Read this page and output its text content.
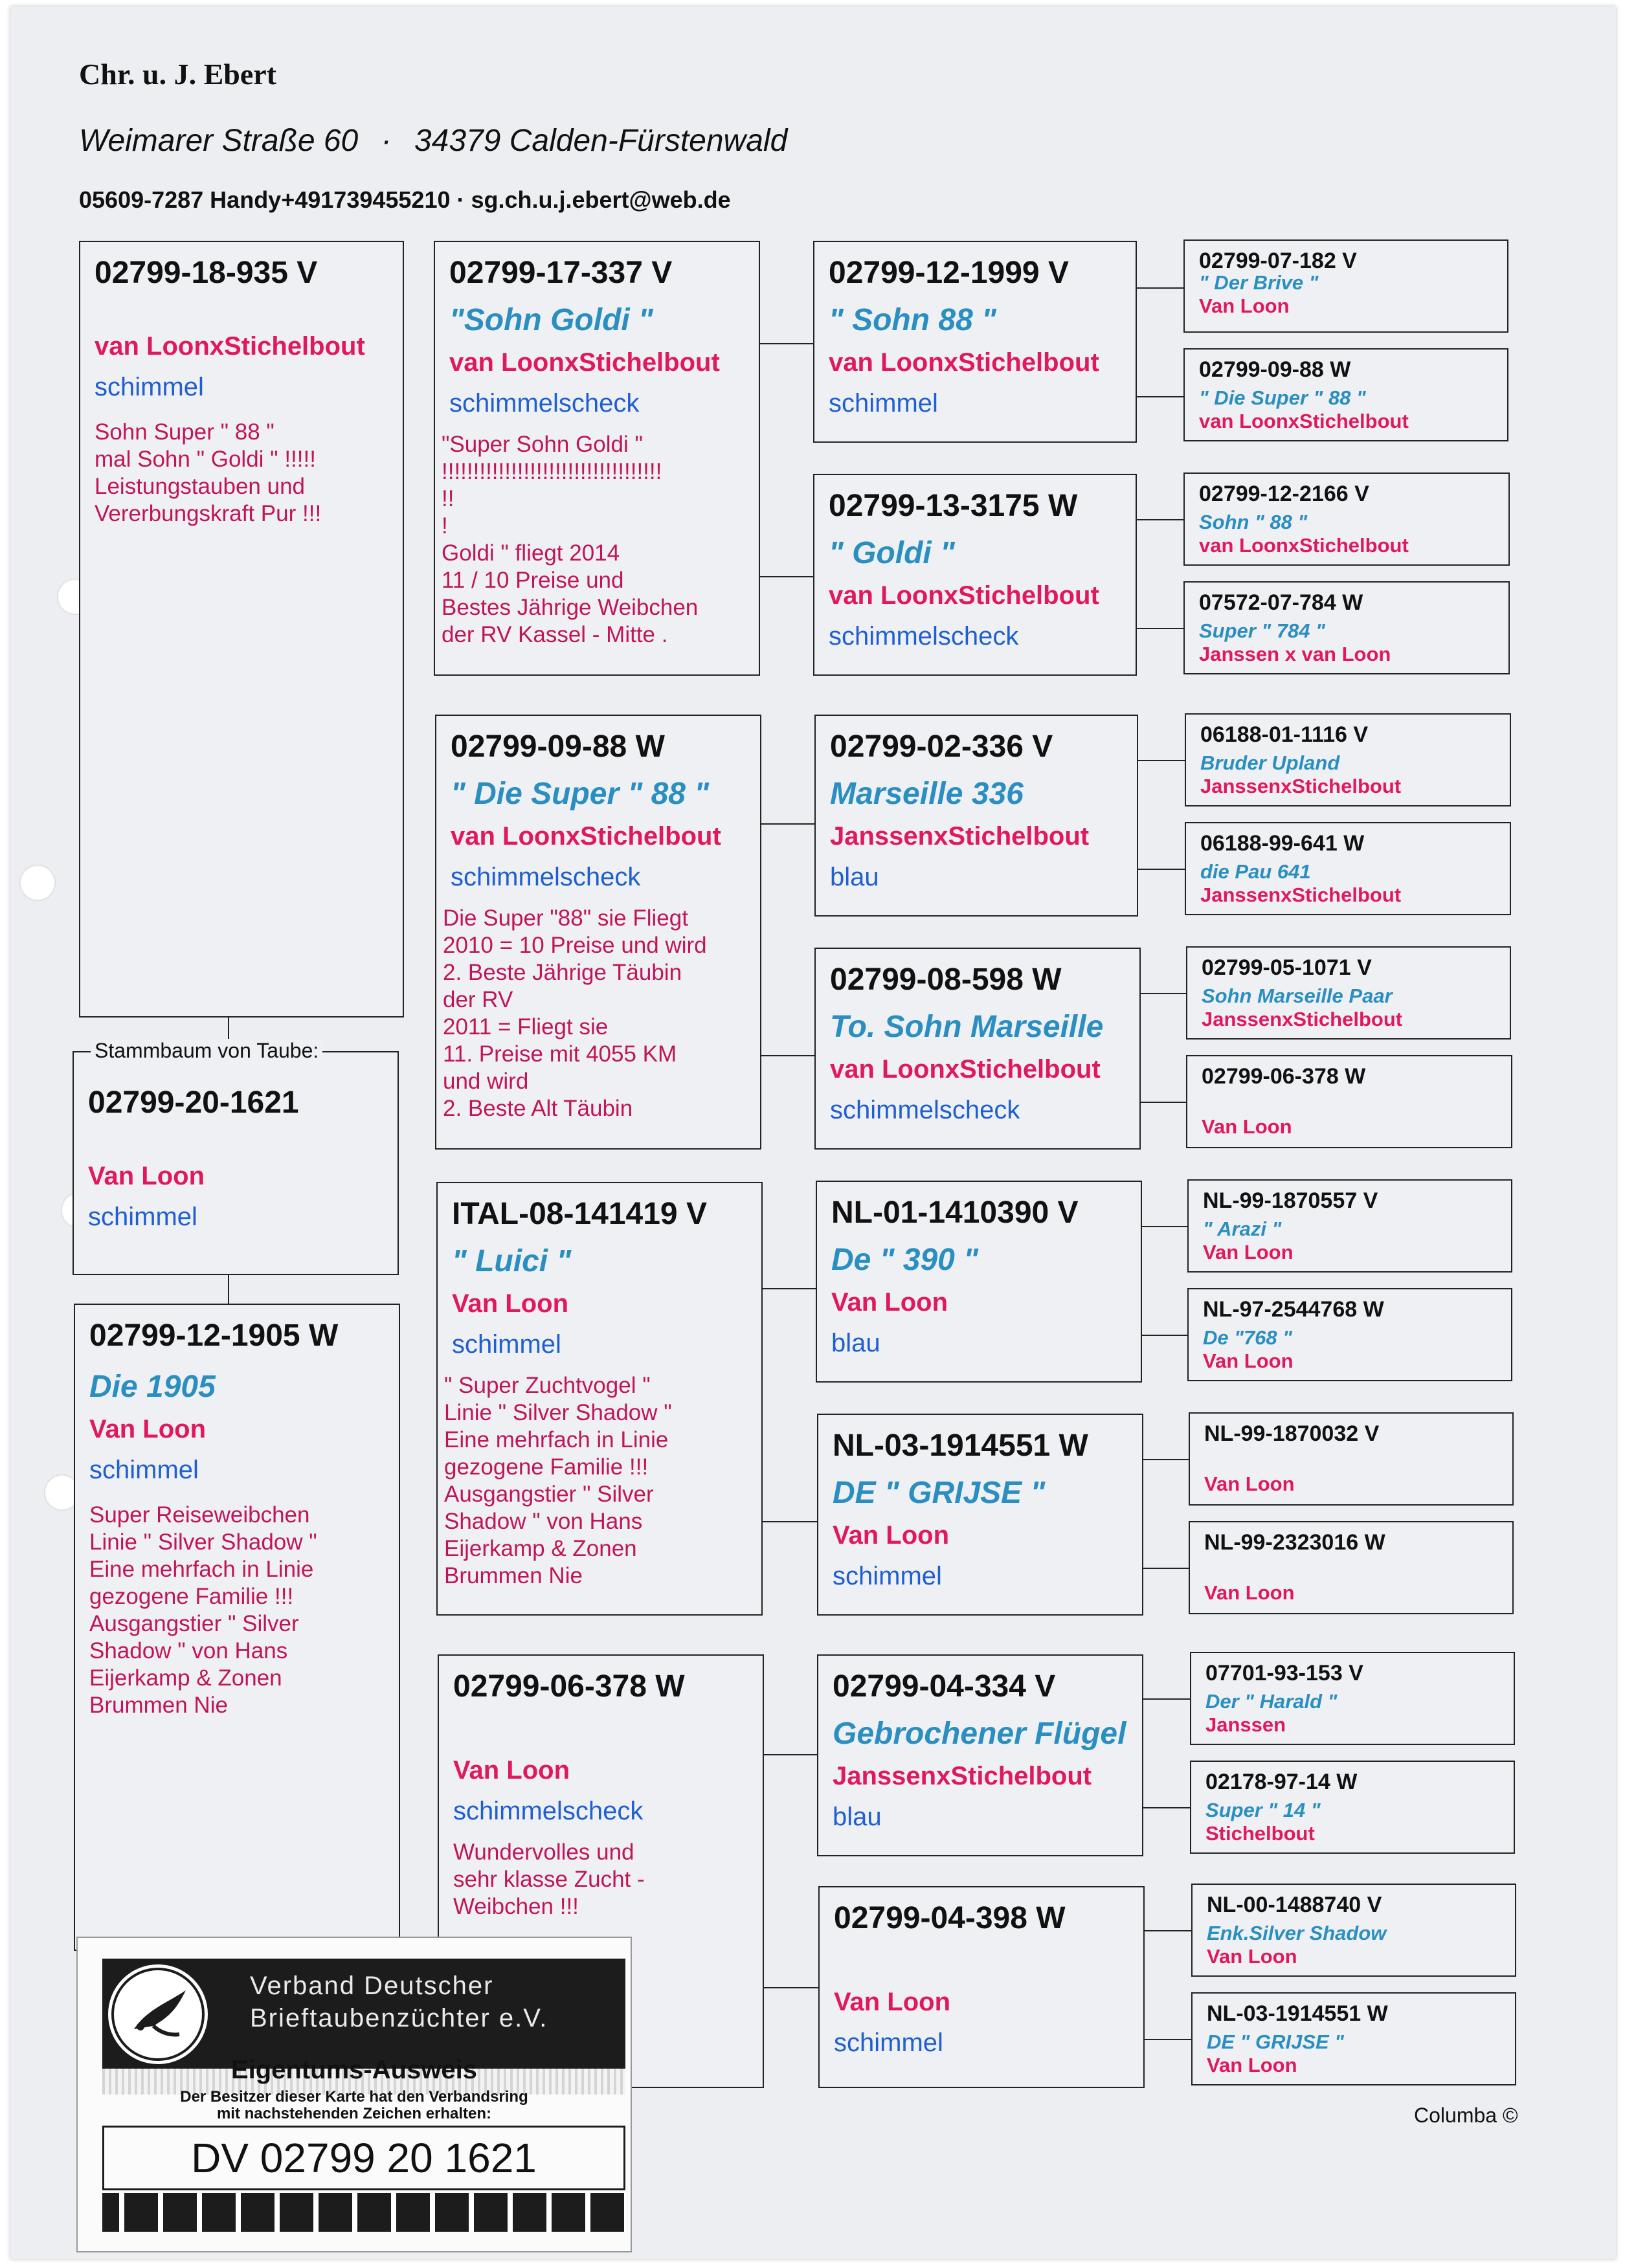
Chr. u. J. Ebert
Weimarer Straße 60 · 34379 Calden-Fürstenwald
05609-7287 Handy+491739455210 · sg.ch.u.j.ebert@web.de
02799-18-935 V
van LoonxStichelbout
schimmel
Sohn Super " 88 "
mal Sohn " Goldi " !!!!!
Leistungstauben und
Vererbungskraft Pur !!!
02799-20-1621
Van Loon
schimmel
Stammbaum von Taube:
02799-12-1905 W
Die 1905
Van Loon
schimmel
Super Reiseweibchen
Linie " Silver Shadow "
Eine mehrfach in Linie
gezogene Familie !!!
Ausgangstier " Silver
Shadow " von Hans
Eijerkamp & Zonen
Brummen Nie
02799-17-337 V
"Sohn Goldi "
van LoonxStichelbout
schimmelscheck
"Super Sohn Goldi "
!!!!!!!!!!!!!!!!!!!!!!!!!!!!!!!!!!!
!!
!
Goldi " fliegt 2014
11 / 10 Preise und
Bestes Jährige Weibchen
der RV Kassel - Mitte .
02799-09-88 W
" Die Super " 88 "
van LoonxStichelbout
schimmelscheck
Die Super "88" sie Fliegt
2010 = 10 Preise und wird
2. Beste Jährige Täubin
der RV
2011 = Fliegt sie
11. Preise mit 4055 KM
und wird
2. Beste Alt Täubin
ITAL-08-141419 V
" Luici "
Van Loon
schimmel
" Super Zuchtvogel "
Linie " Silver Shadow "
Eine mehrfach in Linie
gezogene Familie !!!
Ausgangstier " Silver
Shadow " von Hans
Eijerkamp & Zonen
Brummen Nie
02799-06-378 W
Van Loon
schimmelscheck
Wundervolles und
sehr klasse Zucht -
Weibchen !!!
02799-12-1999 V
" Sohn 88 "
van LoonxStichelbout
schimmel
02799-13-3175 W
" Goldi "
van LoonxStichelbout
schimmelscheck
02799-02-336 V
Marseille 336
JanssenxStichelbout
blau
02799-08-598 W
To. Sohn Marseille
van LoonxStichelbout
schimmelscheck
NL-01-1410390 V
De " 390 "
Van Loon
blau
NL-03-1914551 W
DE " GRIJSE "
Van Loon
schimmel
02799-04-334 V
Gebrochener Flügel
JanssenxStichelbout
blau
02799-04-398 W
Van Loon
schimmel
02799-07-182 V
" Der Brive "
Van Loon
02799-09-88 W
" Die Super " 88 "
van LoonxStichelbout
02799-12-2166 V
Sohn " 88 "
van LoonxStichelbout
07572-07-784 W
Super " 784 "
Janssen x van Loon
06188-01-1116 V
Bruder Upland
JanssenxStichelbout
06188-99-641 W
die Pau 641
JanssenxStichelbout
02799-05-1071 V
Sohn Marseille Paar
JanssenxStichelbout
02799-06-378 W
Van Loon
NL-99-1870557 V
" Arazi "
Van Loon
NL-97-2544768 W
De "768 "
Van Loon
NL-99-1870032 V
Van Loon
NL-99-2323016 W
Van Loon
07701-93-153 V
Der " Harald "
Janssen
02178-97-14 W
Super " 14 "
Stichelbout
NL-00-1488740 V
Enk.Silver Shadow
Van Loon
NL-03-1914551 W
DE " GRIJSE "
Van Loon
Columba ©
Verband Deutscher
Brieftaubenzüchter e.V.
Eigentums-Ausweis
Der Besitzer dieser Karte hat den Verbandsring
mit nachstehenden Zeichen erhalten:
DV 02799 20 1621
